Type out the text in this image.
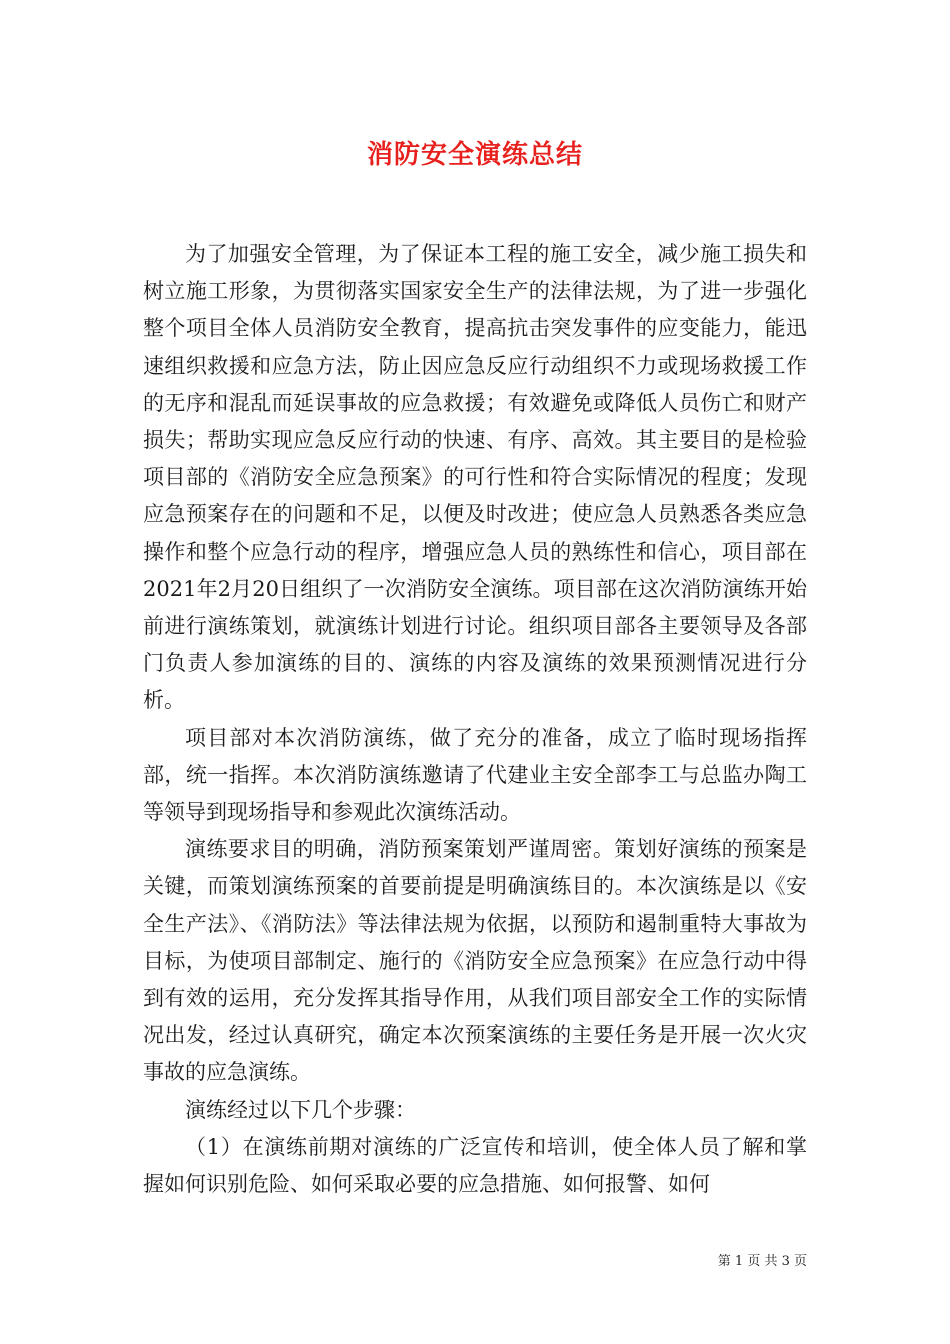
消防安全演练总结

为了加强安全管理，为了保证本工程的施工安全，减少施工损失和树立施工形象，为贯彻落实国家安全生产的法律法规，为了进一步强化整个项目全体人员消防安全教育，提高抗击突发事件的应变能力，能迅速组织救援和应急方法，防止因应急反应行动组织不力或现场救援工作的无序和混乱而延误事故的应急救援；有效避免或降低人员伤亡和财产损失；帮助实现应急反应行动的快速、有序、高效。其主要目的是检验项目部的《消防安全应急预案》的可行性和符合实际情况的程度；发现应急预案存在的问题和不足，以便及时改进；使应急人员熟悉各类应急操作和整个应急行动的程序，增强应急人员的熟练性和信心，项目部在2021年2月20日组织了一次消防安全演练。项目部在这次消防演练开始前进行演练策划，就演练计划进行讨论。组织项目部各主要领导及各部门负责人参加演练的目的、演练的内容及演练的效果预测情况进行分析。

项目部对本次消防演练，做了充分的准备，成立了临时现场指挥部，统一指挥。本次消防演练邀请了代建业主安全部李工与总监办陶工等领导到现场指导和参观此次演练活动。

演练要求目的明确，消防预案策划严谨周密。策划好演练的预案是关键，而策划演练预案的首要前提是明确演练目的。本次演练是以《安全生产法》、《消防法》等法律法规为依据，以预防和遏制重特大事故为目标，为使项目部制定、施行的《消防安全应急预案》在应急行动中得到有效的运用，充分发挥其指导作用，从我们项目部安全工作的实际情况出发，经过认真研究，确定本次预案演练的主要任务是开展一次火灾事故的应急演练。

演练经过以下几个步骤：

（1）在演练前期对演练的广泛宣传和培训，使全体人员了解和掌握如何识别危险、如何采取必要的应急措施、如何报警、如何

第 1 页 共 3 页
